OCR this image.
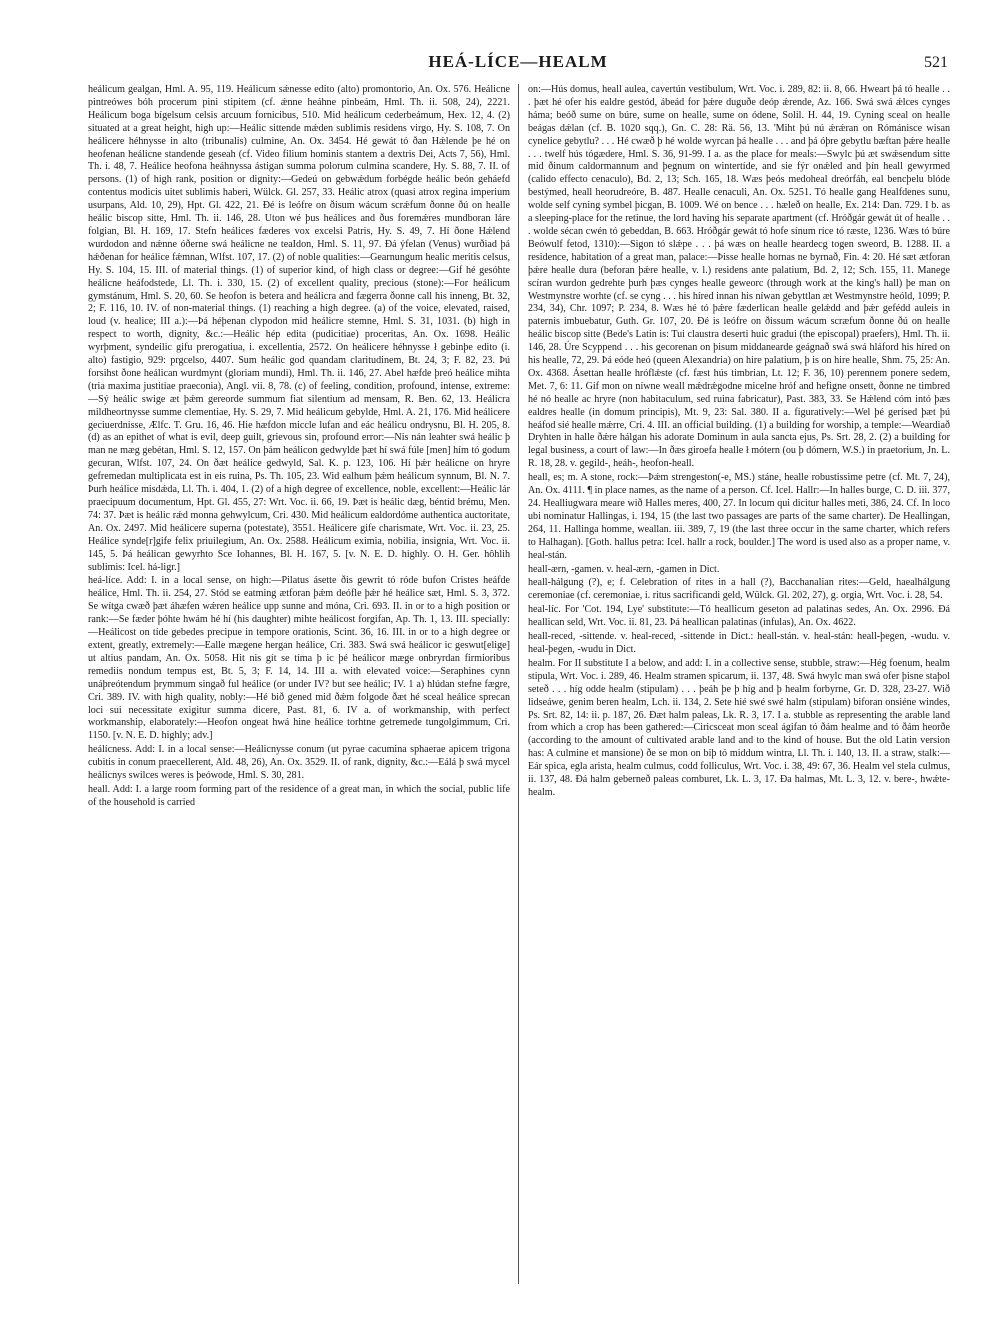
HEÁ-LÍCE—HEALM	521

heálicum gealgan, Hml. A. 95, 119. Heálicum sǽnesse edito (alto) promontorio, An. Ox. 576. Heálicne pintreówes bóh procerum pini stipitem (cf. ǽnne heáhne pinbeám, Hml. Th. ii. 508, 24), 2221. Heálicum boga bígelsum celsis arcuum fornicibus, 510. Mid heálicum cederbeámum, Hex. 12, 4. (2) situated at a great height, high up:—Heálic sittende mǽden sublimis residens virgo, Hy. S. 108, 7. On heálicere héhnysse in alto (tribunalis) culmine, An. Ox. 3454. Hé gewát tó ðan Hǽlende þe hé on heofenan heálicne standende geseah (cf. Video filium hominis stantem a dextris Dei, Acts 7, 56), Hml. Th. i. 48, 7. Heálice heofona heáhnyssa ástigan summa polorum culmina scandere, Hy. S. 88, 7. II. of persons. (1) of high rank, position or dignity:—Gedeú on gebwǽdum forbégde heálic beón geháefd contentus modicis uitet sublimis haberi, Wülck. Gl. 257, 33. Heálic atrox (quasi atrox regina imperium usurpans, Ald. 10, 29), Hpt. Gl. 422, 21. Ðé is leófre on ðisum wácum scrǽfum ðonne ðú on healle heálic biscop sitte, Hml. Th. ii. 146, 28. Uton wé þus heálices and ðus foremǽres mundboran láre folgian, Bl. H. 169, 17. Stefn heálices fæderes vox excelsi Patris, Hy. S. 49, 7. Hí ðone Hǽlend wurdodon and nǽnne óðerne swá heálicne ne teaIdon, Hml. S. 11, 97. Ðá ýfelan (Venus) wurðiad þá hǽðenan for heálice fǽmnan, Wlfst. 107, 17. (2) of noble qualities:—Gearnungum healic meritis celsus, Hy. S. 104, 15. III. of material things. (1) of superior kind, of high class or degree:—Gif hé gesóhte heálicne heáfodstede, Ll. Th. i. 330, 15. (2) of excellent quality, precious (stone):—For heálicum gymstánum, Hml. S. 20, 60. Se heofon is betera and heálicra and fægerra ðonne call his inneng, Bt. 32, 2; F. 116, 10. IV. of non-material things. (1) reaching a high degree. (a) of the voice, elevated, raised, loud (v. healice; III a.):—Þá héþenan clypodon mid heálicre stemne, Hml. S. 31, 1031. (b) high in respect to worth, dignity, &c.:—Heálic hép edita (pudicitiae) proceritas, An. Ox. 1698. Heálic wyrþment, syndeilic gifu prerogatiua, i. excellentia, 2572. On heálicere héhnysse ł gebinþe edito (i. alto) fastigio, 929: prgcelso, 4407. Sum heálic god quandam claritudinem, Bt. 24, 3; F. 82, 23. Þú forsihst ðone heálican wurdmynt (gloriam mundi), Hml. Th. ii. 146, 27. Abel hæfde þreó heálice mihta (tria maxima justitiae praeconia), Angl. vii. 8, 78. (c) of feeling, condition, profound, intense, extreme:—Sý heálic swige æt þǽm gereorde summum fiat silentium ad mensam, R. Ben. 62, 13. Heálicra mildheortnysse summe clementiae, Hy. S. 29, 7. Mid heálicum gebylde, Hml. A. 21, 176. Mid heálicere geciuerdnisse, Ælfc. T. Gru. 16, 46. Hie hæfdon miccle lufan and eác heálicu ondrysnu, Bl. H. 205, 8. (d) as an epithet of what is evil, deep guilt, grievous sin, profound error:—Nis nán leahter swá heálic þ man ne mæg gebétan, Hml. S. 12, 157. On þám heálicon gedwylde þæt hí swá fúle [men] hím tó godum gecuran, Wlfst. 107, 24. On ðæt heálice gedwyld, Sal. K. p. 123, 106. Hí þǽr heálicne on hryre gefremedan multiplicata est in eis ruina, Ps. Th. 105, 23. Wid ealhum þǽm heálicum synnum, Bl. N. 7. Þurh heálice misdǽda, Ll. Th. i. 404, 1. (2) of a high degree of excellence, noble, excellent:—Heálic lár praecipuum documentum, Hpt. Gl. 455, 27: Wrt. Voc. ii. 66, 19. Þæt is heálic dæg, béntíd brému, Men. 74: 37. Þæt is heálic rǽd monna gehwylcum, Cri. 430. Mid heálicum ealdordóme authentica auctoritate, An. Ox. 2497. Mid heálicere superna (potestate), 3551. Heálicere gife charismate, Wrt. Voc. ii. 23, 25. Heálice synde[r]gife felix priuilegium, An. Ox. 2588. Heálicum eximia, nobilia, insignia, Wrt. Voc. ii. 145, 5. Þá heálican gewyrhto Sce Iohannes, Bl. H. 167, 5. [v. N. E. D. highly. O. H. Ger. hôhlih sublimis: Icel. há-ligr.]

heá-líce. Add: I. in a local sense, on high:—Pilatus ásette ðis gewrit tó róde bufon Cristes heáfde heálice, Hml. Th. ii. 254, 27. Stód se eatming ætforan þǽm deófle þǽr hé heálice sæt, Hml. S. 3, 372. Se wítga cwæð þæt áhæfen wǽren heálice upp sunne and móna, Cri. 693. II. in or to a high position or rank:—Se fæder þóhte hwám hé hí (his daughter) mihte heálicost forgifan, Ap. Th. 1, 13. III. specially:—Heálicost on tíde gebedes precipue in tempore orationis, Scint. 36, 16. III. in or to a high degree or extent, greatly, extremely:—Ealle mægene hergan heálice, Cri. 383. Swá swá heálicor ic geswut[elige] ut altius pandam, An. Ox. 5058. Hit nis gít se tíma þ ic þé heálicor mæge onbryrdan firmioribus remediis nondum tempus est, Bt. 5, 3; F. 14, 14. III a. with elevated voice:—Seraphines cynn unáþreótendum þrymmum singað ful heálice (or under IV? but see heálic; IV. 1 a) hlúdan stefne fægre, Cri. 389. IV. with high quality, nobly:—Hé bið gened mid ðǽm folgode ðæt hé sceal heálice sprecan loci sui necessitate exigitur summa dicere, Past. 81, 6. IV a. of workmanship, with perfect workmanship, elaborately:—Heofon ongeat hwá hine heálice torhtne getremede tungolgimmum, Cri. 1150. [v. N. E. D. highly; adv.]

heálícness. Add: I. in a local sense:—Heálicnysse conum (ut pyrae cacumina sphaerae apicem trigona cubitis in conum praecellerent, Ald. 48, 26), An. Ox. 3529. II. of rank, dignity, &c.:—Eálá þ swá mycel heálicnys swilces weres is þeówode, Hml. S. 30, 281.

heall. Add: I. a large room forming part of the residence of a great man, in which the social, public life of the household is carried

on:—Hús domus, heall aulea, cavertún vestibulum, Wrt. Voc. i. 289, 82: ii. 8, 66. Hweart þá tó healle . . . þæt hé ofer his ealdre gestód, ábeád for þǽre duguðe deóp ǽrende, Az. 166. Swá swá ǽlces cynges háma; beóð sume on búre, sume on healle, sume on ódene, Solil. H. 44, 19. Cyning sceal on healle beágas dǽlan (cf. B. 1020 sqq.), Gn. C. 28: Rä. 56, 13. 'Miht þú nú ǽrǽran on Rómánisce wisan cynelice gebytlu? . . . Hé cwæð þ hé wolde wyrcan þá healle . . . and þá óþre gebytlu bæftan þǽre healle . . . twelf hús tógædere, Hml. S. 36, 91-99. I a. as the place for meals:—Swylc þú æt swǽsendum sitte mid ðinum caldormannum and þegnum on wintertíde, and sie fýr onǽled and þín heall gewyrmed (calido effecto cenaculo), Bd. 2, 13; Sch. 165, 18. Wæs þeós medoheal dreórfáh, eal bencþelu blóde bestýmed, heall heorudreóre, B. 487. Healle cenaculi, An. Ox. 5251. Tó healle gang Healfdenes sunu, wolde self cyning symbel þicgan, B. 1009. Wé on bence . . . hæleð on healle, Ex. 214: Dan. 729. I b. as a sleeping-place for the retinue, the lord having his separate apartment (cf. Hróðgár gewát út of healle . . . wolde sécan cwén tó gebeddan, B. 663. Hróðgár gewát tó hofe sínum ríce tó ræste, 1236. Wæs tó búre Beówulf fetod, 1310):—Sigon tó slǽpe . . . þá wæs on healle heardecg togen sweord, B. 1288. II. a residence, habitation of a great man, palace:—Þisse healle hornas ne byrnað, Fin. 4: 20. Hé sæt ætforan þǽre healle dura (beforan þǽre healle, v. l.) residens ante palatium, Bd. 2, 12; Sch. 155, 11. Manege scíran wurdon gedrehte þurh þæs cynges healle geweorc (through work at the king's hall) þe man on Westmynstre worhte (cf. se cyng . . . his híred innan his níwan gebyttlan æt Westmynstre heóld, 1099; P. 234, 34), Chr. 1097; P. 234, 8. Wæs hé tó þǽre fæderlican healle gelǽdd and þǽr gefédd auleis in paternis imbuebatur, Guth. Gr. 107, 20. Ðé is leófre on ðissum wácum scræfum ðonne ðú on healle heálic biscop sitte (Bede's Latin is: Tui claustra deserti huic gradui (the episcopal) praefers), Hml. Th. ii. 146, 28. Úre Scyppend . . . his gecorenan on þisum middaneardе geágnað swá swá hláford his híred on his healle, 72, 29. Þá eóde heó (queen Alexandria) on hire palatium, þ is on hire healle, Shm. 75, 25: An. Ox. 4368. Ásettan healle hróflǽste (cf. fæst hús timbrian, Lt. 12; F. 36, 10) perennem ponere sedem, Met. 7, 6: 11. Gif mon on níwne weall mǽdrǽgodne micelne hróf and hefigne onsett, ðonne ne timbred hé nó healle ac hryre (non habitaculum, sed ruina fabricatur), Past. 383, 33. Se Hǽlend cóm intó þæs ealdres healle (in domum principis), Mt. 9, 23: Sal. 380. II a. figuratively:—Wel þé gerísed þæt þú heáfod sié healle mǽrre, Cri. 4. III. an official building. (1) a building for worship, a temple:—Weardiað Dryhten in halle ðǽre hálgan his adorate Dominum in aula sancta ejus, Ps. Srt. 28, 2. (2) a building for legal business, a court of law:—In ðæs giroefa healle ł mótern (ou þ dómern, W.S.) in praetorium, Jn. L. R. 18, 28. v. gegild-, heáh-, heofon-heall.

heall, es; m. A stone, rock:—Þǽm strengeston(-e, MS.) stáne, healle robustissime petre (cf. Mt. 7, 24), An. Ox. 4111. ¶ in place names, as the name of a person. Cf. Icel. Hallr:—In halles burge, C. D. iii. 377, 24. Healliugwara meare wið Halles meres, 400, 27. In locum qui dicitur halles meti, 386, 24. Cf. In loco ubi nominatur Hallingas, i. 194, 15 (the last two passages are parts of the same charter). De Heallingan, 264, 11. Hallinga homme, weallan. iii. 389, 7, 19 (the last three occur in the same charter, which refers to Halhagan). [Goth. hallus petra: Icel. hallr a rock, boulder.] The word is used also as a proper name, v. heal-stán.

heall-ærn, -gamen. v. heal-ærn, -gamen in Dict.

heall-hálgung (?), e; f. Celebration of rites in a hall (?), Bacchanalian rites:—Geld, haealhálgung ceremoniae (cf. ceremoniae, i. ritus sacrificandi geld, Wülck. Gl. 202, 27), g. orgia, Wrt. Voc. i. 28, 54.

heal-líc. For 'Cot. 194, Lye' substitute:—Tó heallicum geseton ad palatinas sedes, An. Ox. 2996. Ðá heallican seld, Wrt. Voc. ii. 81, 23. Þá heallican palatinas (infulas), An. Ox. 4622.

heall-reced, -sittende. v. heal-reced, -sittende in Dict.: heall-stán. v. heal-stán: heall-þegen, -wudu. v. heal-þegen, -wudu in Dict.

healm. For II substitute I a below, and add: I. in a collective sense, stubble, straw:—Hég foenum, healm stipula, Wrt. Voc. i. 289, 46. Healm stramen spicarum, ii. 137, 48. Swá hwylc man swá ofer þisne staþol seteð . . . híg odde healm (stipulam) . . . þeáh þe þ híg and þ healm forbyrne, Gr. D. 328, 23-27. Wið lidseáwe, genim beren healm, Lch. ii. 134, 2. Sete hié swé swé halm (stipulam) biforan onsiéne windes, Ps. Srt. 82, 14: ii. p. 187, 26. Ðæt halm paleas, Lk. R. 3, 17. I a. stubble as representing the arable land from which a crop has been gathered:—Ciricsceat mon sceal ágifan tó ðám healme and tó ðám heorðe (according to the amount of cultivated arable land and to the kind of house. But the old Latin version has: A culmine et mansione) ðe se mon on biþ tó middum wintra, Ll. Th. i. 140, 13. II. a straw, stalk:—Eár spica, egla arista, healm culmus, codd folliculus, Wrt. Voc. i. 38, 49: 67, 36. Healm vel stela culmus, ii. 137, 48. Ðá halm geberneð paleas comburet, Lk. L. 3, 17. Ða halmas, Mt. L. 3, 12. v. bere-, hwǽte-healm.
